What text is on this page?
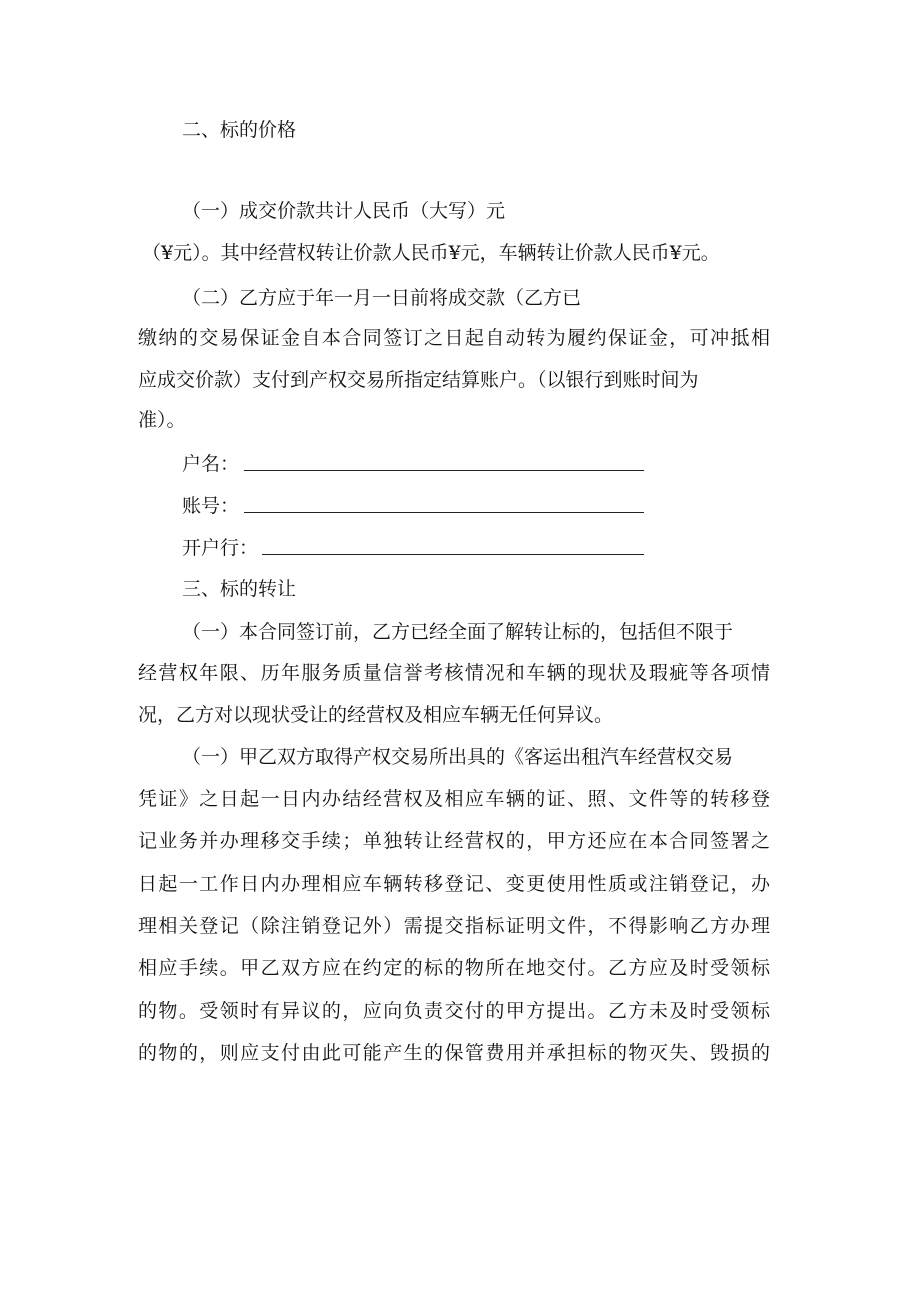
二、标的价格
（一）成交价款共计人民币（大写）元
（¥元）。其中经营权转让价款人民币¥元，车辆转让价款人民币¥元。
（二）乙方应于年一月一日前将成交款（乙方已
缴纳的交易保证金自本合同签订之日起自动转为履约保证金，可冲抵相
应成交价款）支付到产权交易所指定结算账户。（以银行到账时间为
准）。
户名：
账号：
开户行：
三、标的转让
（一）本合同签订前，乙方已经全面了解转让标的，包括但不限于
经营权年限、历年服务质量信誉考核情况和车辆的现状及瑕疵等各项情
况，乙方对以现状受让的经营权及相应车辆无任何异议。
（一）甲乙双方取得产权交易所出具的《客运出租汽车经营权交易
凭证》之日起一日内办结经营权及相应车辆的证、照、文件等的转移登
记业务并办理移交手续；单独转让经营权的，甲方还应在本合同签署之
日起一工作日内办理相应车辆转移登记、变更使用性质或注销登记，办
理相关登记（除注销登记外）需提交指标证明文件，不得影响乙方办理
相应手续。甲乙双方应在约定的标的物所在地交付。乙方应及时受领标
的物。受领时有异议的，应向负责交付的甲方提出。乙方未及时受领标
的物的，则应支付由此可能产生的保管费用并承担标的物灭失、毁损的
